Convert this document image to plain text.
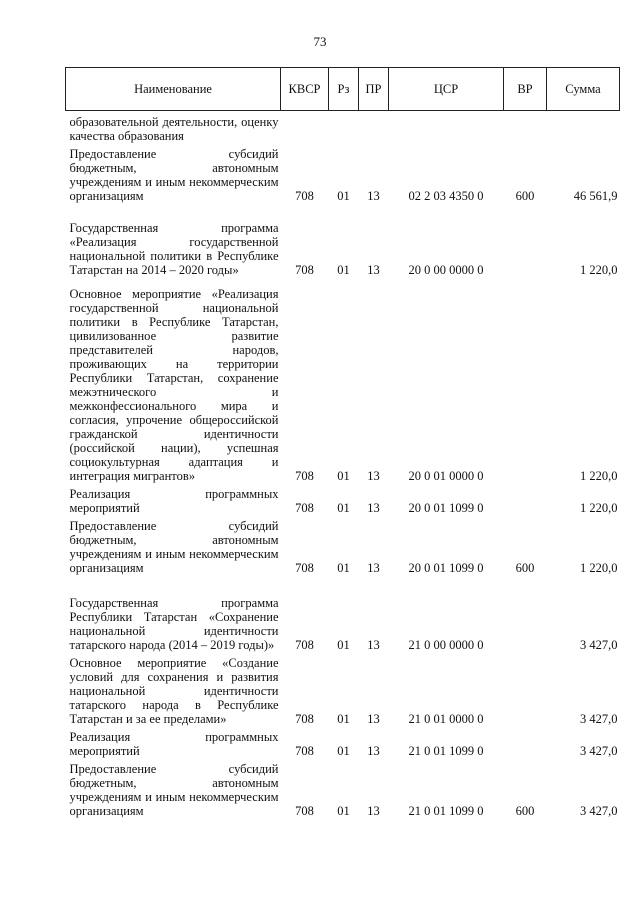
73
Наименование	КВСР	Рз	ПР	ЦСР	ВР	Сумма
образовательной деятельности, оценку качества образования						
Предоставление субсидий бюджетным, автономным учреждениям и иным некоммерческим организациям	708	01	13	02 2 03 4350 0	600	46 561,9
Государственная программа «Реализация государственной национальной политики в Республике Татарстан на 2014 – 2020 годы»	708	01	13	20 0 00 0000 0		1 220,0
Основное мероприятие «Реализация государственной национальной политики в Республике Татарстан, цивилизованное развитие представителей народов, проживающих на территории Республики Татарстан, сохранение межэтнического и межконфессионального мира и согласия, упрочение общероссийской гражданской идентичности (российской нации), успешная социокультурная адаптация и интеграция мигрантов»	708	01	13	20 0 01 0000 0		1 220,0
Реализация программных мероприятий	708	01	13	20 0 01 1099 0		1 220,0
Предоставление субсидий бюджетным, автономным учреждениям и иным некоммерческим организациям	708	01	13	20 0 01 1099 0	600	1 220,0
Государственная программа Республики Татарстан «Сохранение национальной идентичности татарского народа (2014 – 2019 годы)»	708	01	13	21 0 00 0000 0		3 427,0
Основное мероприятие «Создание условий для сохранения и развития национальной идентичности татарского народа в Республике Татарстан и за ее пределами»	708	01	13	21 0 01 0000 0		3 427,0
Реализация программных мероприятий	708	01	13	21 0 01 1099 0		3 427,0
Предоставление субсидий бюджетным, автономным учреждениям и иным некоммерческим организациям	708	01	13	21 0 01 1099 0	600	3 427,0
